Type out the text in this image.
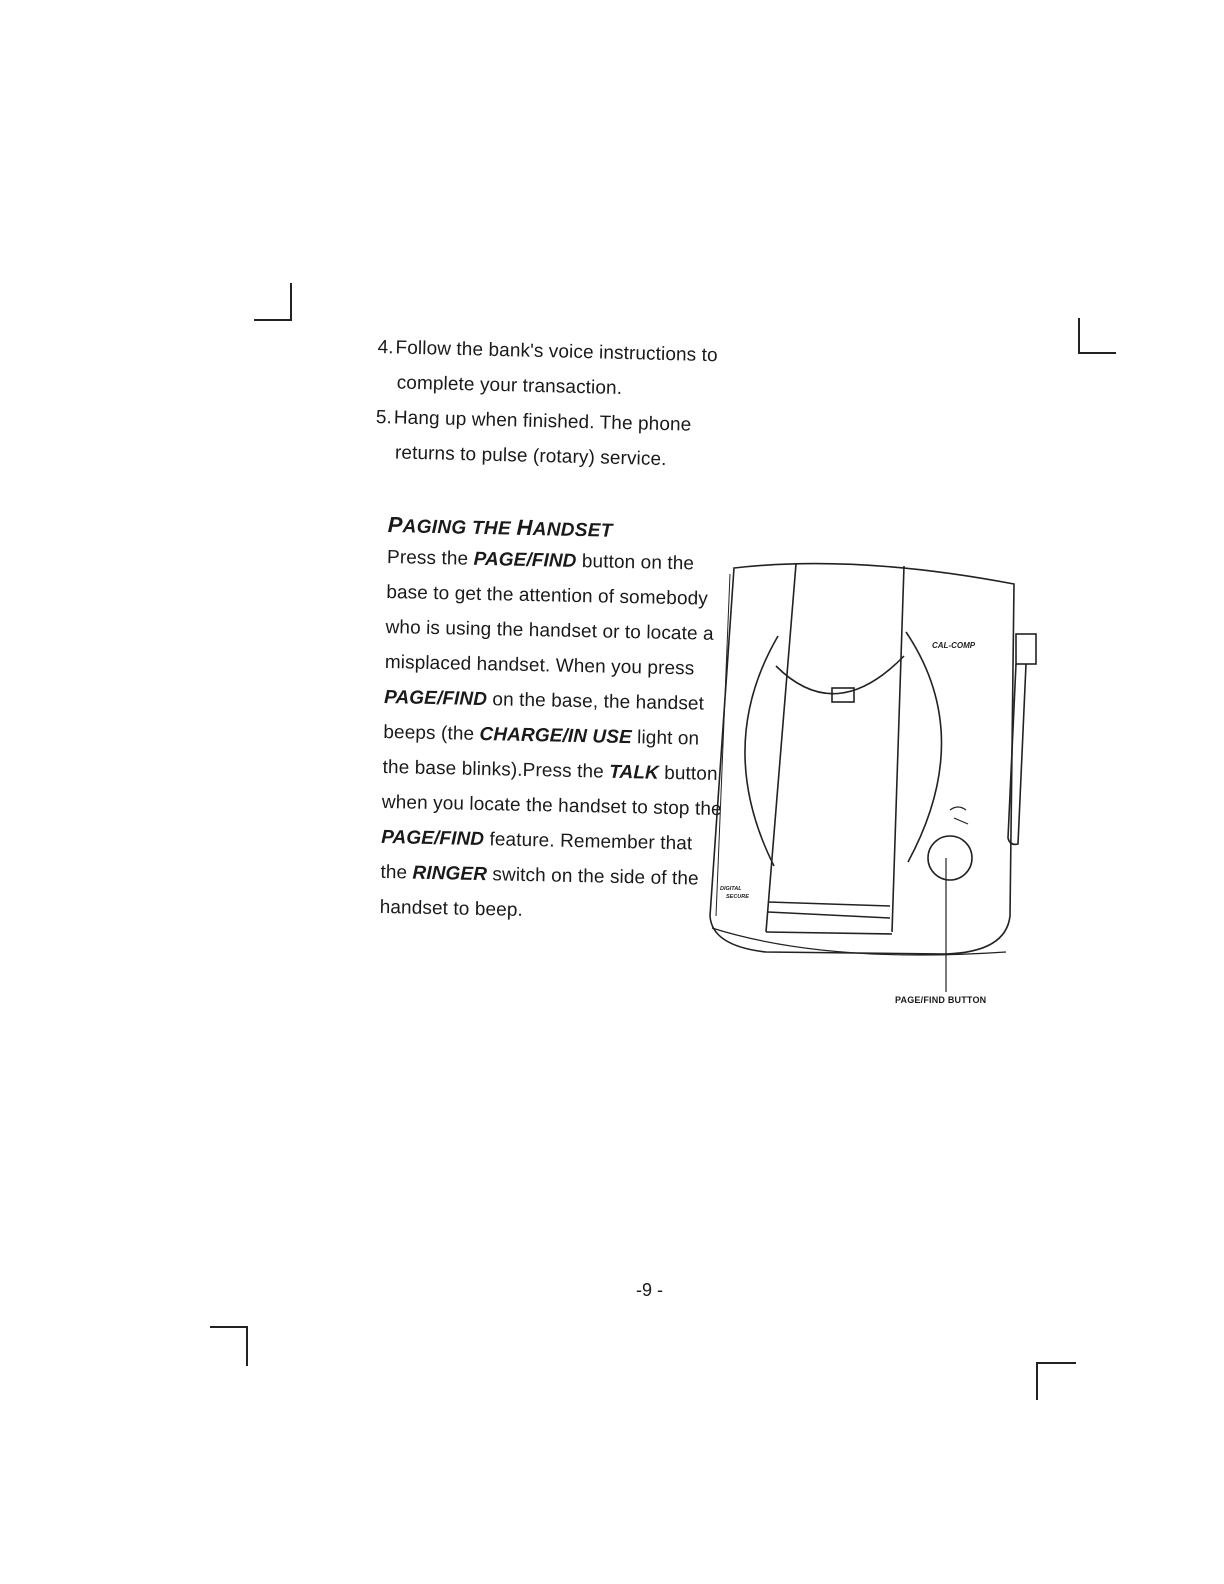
4.Follow the bank's voice instructions to
complete your transaction.

5.Hang up when finished. The phone
returns to pulse (rotary) service.

PAGING THE HANDSET

Press the PAGE/FIND button on the base to get the attention of somebody who is using the handset or to locate a misplaced handset. When you press PAGE/FIND on the base, the handset beeps (the CHARGE/IN USE light on the base blinks).Press the TALK button when you locate the handset to stop the PAGE/FIND feature. Remember that the RINGER switch on the side of the handset to beep.

CAL-COMP
DIGITAL
SECURE
PAGE/FIND BUTTON
-9 -
